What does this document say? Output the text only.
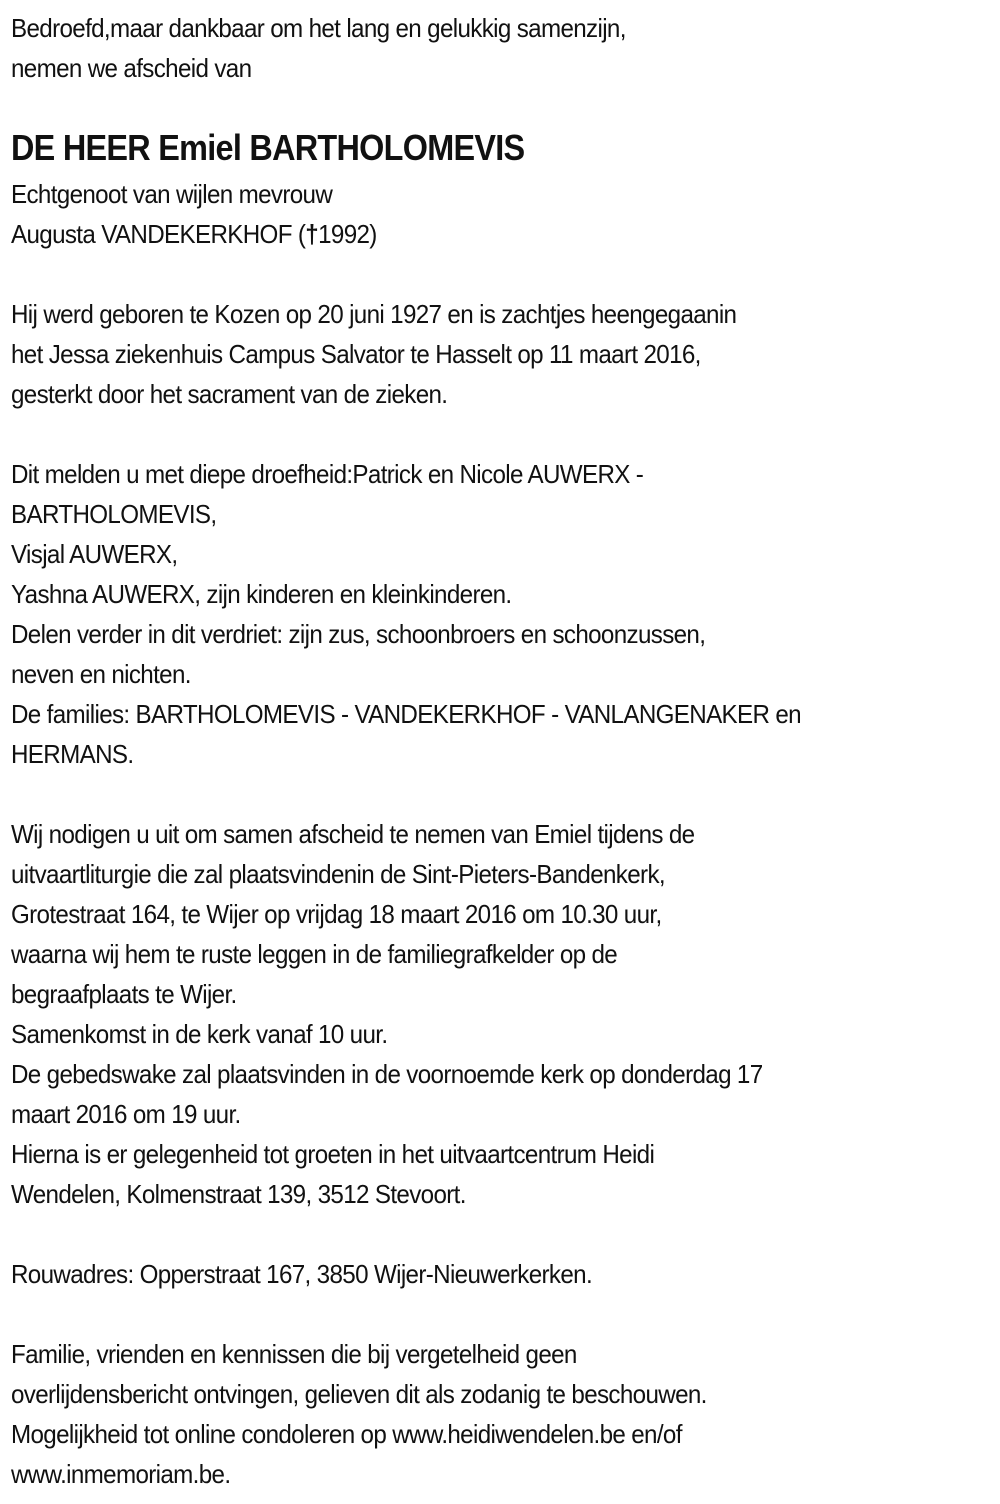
Bedroefd,maar dankbaar om het lang en gelukkig samenzijn,
nemen we afscheid van
DE HEER Emiel BARTHOLOMEVIS
Echtgenoot van wijlen mevrouw
Augusta VANDEKERKHOF (†1992)
Hij werd geboren te Kozen op 20 juni 1927 en is zachtjes heengegaanin
het Jessa ziekenhuis Campus Salvator te Hasselt op 11 maart 2016,
gesterkt door het sacrament van de zieken.
Dit melden u met diepe droefheid:Patrick en Nicole AUWERX -
BARTHOLOMEVIS,
Visjal AUWERX,
Yashna AUWERX, zijn kinderen en kleinkinderen.
Delen verder in dit verdriet: zijn zus, schoonbroers en schoonzussen,
neven en nichten.
De families: BARTHOLOMEVIS - VANDEKERKHOF - VANLANGENAKER en
HERMANS.
Wij nodigen u uit om samen afscheid te nemen van Emiel tijdens de
uitvaartliturgie die zal plaatsvindenin de Sint-Pieters-Bandenkerk,
Grotestraat 164, te Wijer op vrijdag 18 maart 2016 om 10.30 uur,
waarna wij hem te ruste leggen in de familiegrafkelder op de
begraafplaats te Wijer.
Samenkomst in de kerk vanaf 10 uur.
De gebedswake zal plaatsvinden in de voornoemde kerk op donderdag 17
maart 2016 om 19 uur.
Hierna is er gelegenheid tot groeten in het uitvaartcentrum Heidi
Wendelen, Kolmenstraat 139, 3512 Stevoort.
Rouwadres: Opperstraat 167, 3850 Wijer-Nieuwerkerken.
Familie, vrienden en kennissen die bij vergetelheid geen
overlijdensbericht ontvingen, gelieven dit als zodanig te beschouwen.
Mogelijkheid tot online condoleren op www.heidiwendelen.be en/of
www.inmemoriam.be.
